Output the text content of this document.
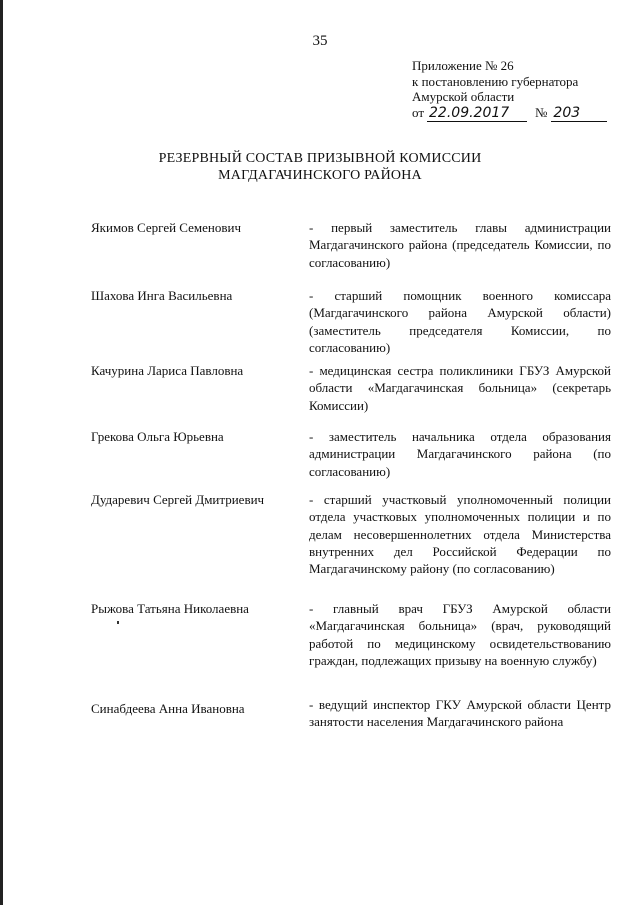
35
Приложение № 26
к постановлению губернатора
Амурской области
от 22.09.2017	№ 203
РЕЗЕРВНЫЙ СОСТАВ ПРИЗЫВНОЙ КОМИССИИ
МАГДАГАЧИНСКОГО РАЙОНА
Якимов Сергей Семенович	- первый заместитель главы администрации Магдагачинского района (председатель Комиссии, по согласованию)
Шахова Инга Васильевна	- старший помощник военного комиссара (Магдагачинского района Амурской области) (заместитель председателя Комиссии, по согласованию)
Качурина Лариса Павловна	- медицинская сестра поликлиники ГБУЗ Амурской области «Магдагачинская больница» (секретарь Комиссии)
Грекова Ольга Юрьевна	- заместитель начальника отдела образования администрации Магдагачинского района (по согласованию)
Дударевич Сергей Дмитриевич	- старший участковый уполномоченный полиции отдела участковых уполномоченных полиции и по делам несовершеннолетних отдела Министерства внутренних дел Российской Федерации по Магдагачинскому району (по согласованию)
Рыжова Татьяна Николаевна	- главный врач ГБУЗ Амурской области «Магдагачинская больница» (врач, руководящий работой по медицинскому освидетельствованию граждан, подлежащих призыву на военную службу)
Синабдеева Анна Ивановна	- ведущий инспектор ГКУ Амурской области Центр занятости населения Магдагачинского района
